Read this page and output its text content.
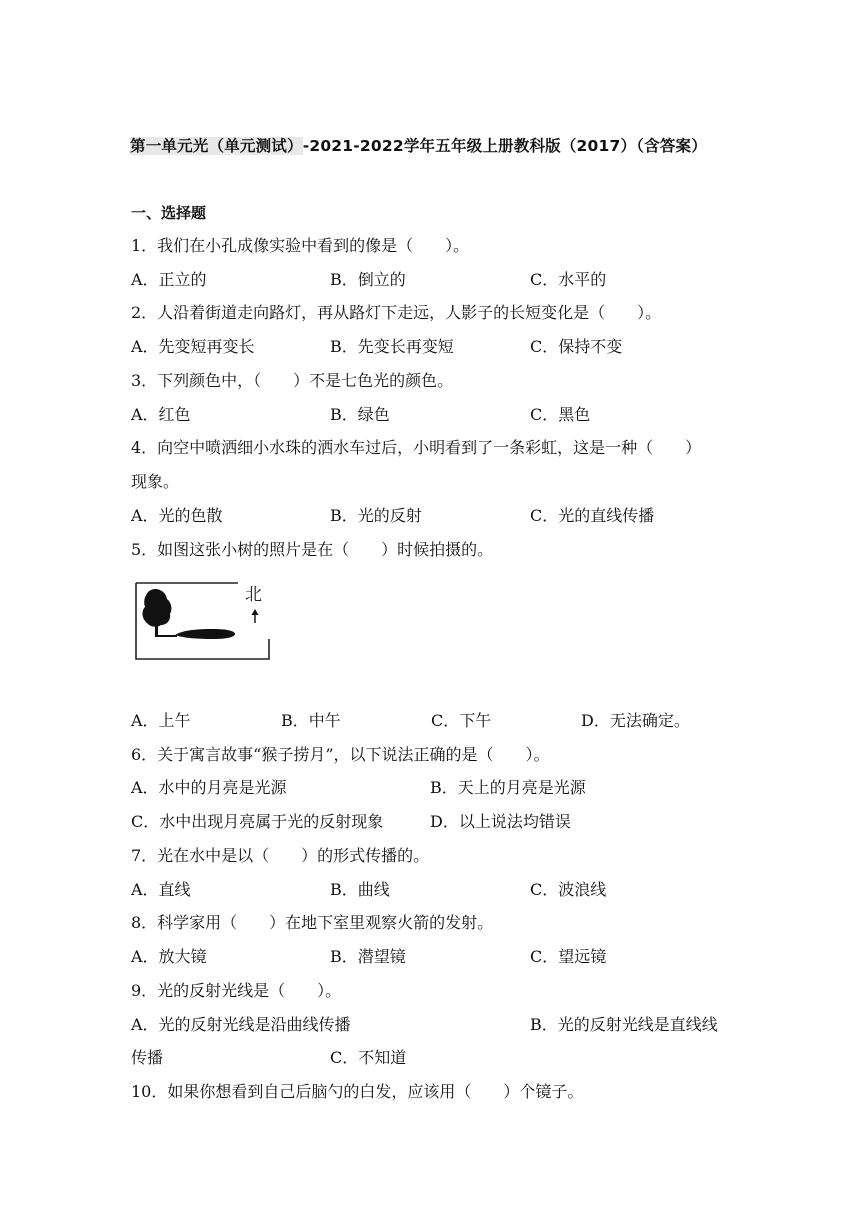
第一单元光（单元测试）-2021-2022学年五年级上册教科版（2017）（含答案）
一、选择题
1．我们在小孔成像实验中看到的像是（　　）。
A．正立的	B．倒立的	C．水平的
2．人沿着街道走向路灯，再从路灯下走远，人影子的长短变化是（　　）。
A．先变短再变长	B．先变长再变短	C．保持不变
3．下列颜色中，（　　）不是七色光的颜色。
A．红色	B．绿色	C．黑色
4．向空中喷洒细小水珠的洒水车过后，小明看到了一条彩虹，这是一种（　　）
现象。
A．光的色散	B．光的反射	C．光的直线传播
5．如图这张小树的照片是在（　　）时候拍摄的。
北
A．上午	B．中午	C．下午	D．无法确定。
6．关于寓言故事“猴子捞月”，以下说法正确的是（　　）。
A．水中的月亮是光源	B．天上的月亮是光源
C．水中出现月亮属于光的反射现象	D．以上说法均错误
7．光在水中是以（　　）的形式传播的。
A．直线	B．曲线	C．波浪线
8．科学家用（　　）在地下室里观察火箭的发射。
A．放大镜	B．潜望镜	C．望远镜
9．光的反射光线是（　　）。
A．光的反射光线是沿曲线传播	B．光的反射光线是直线线
传播	C．不知道
10．如果你想看到自己后脑勺的白发，应该用（　　）个镜子。
